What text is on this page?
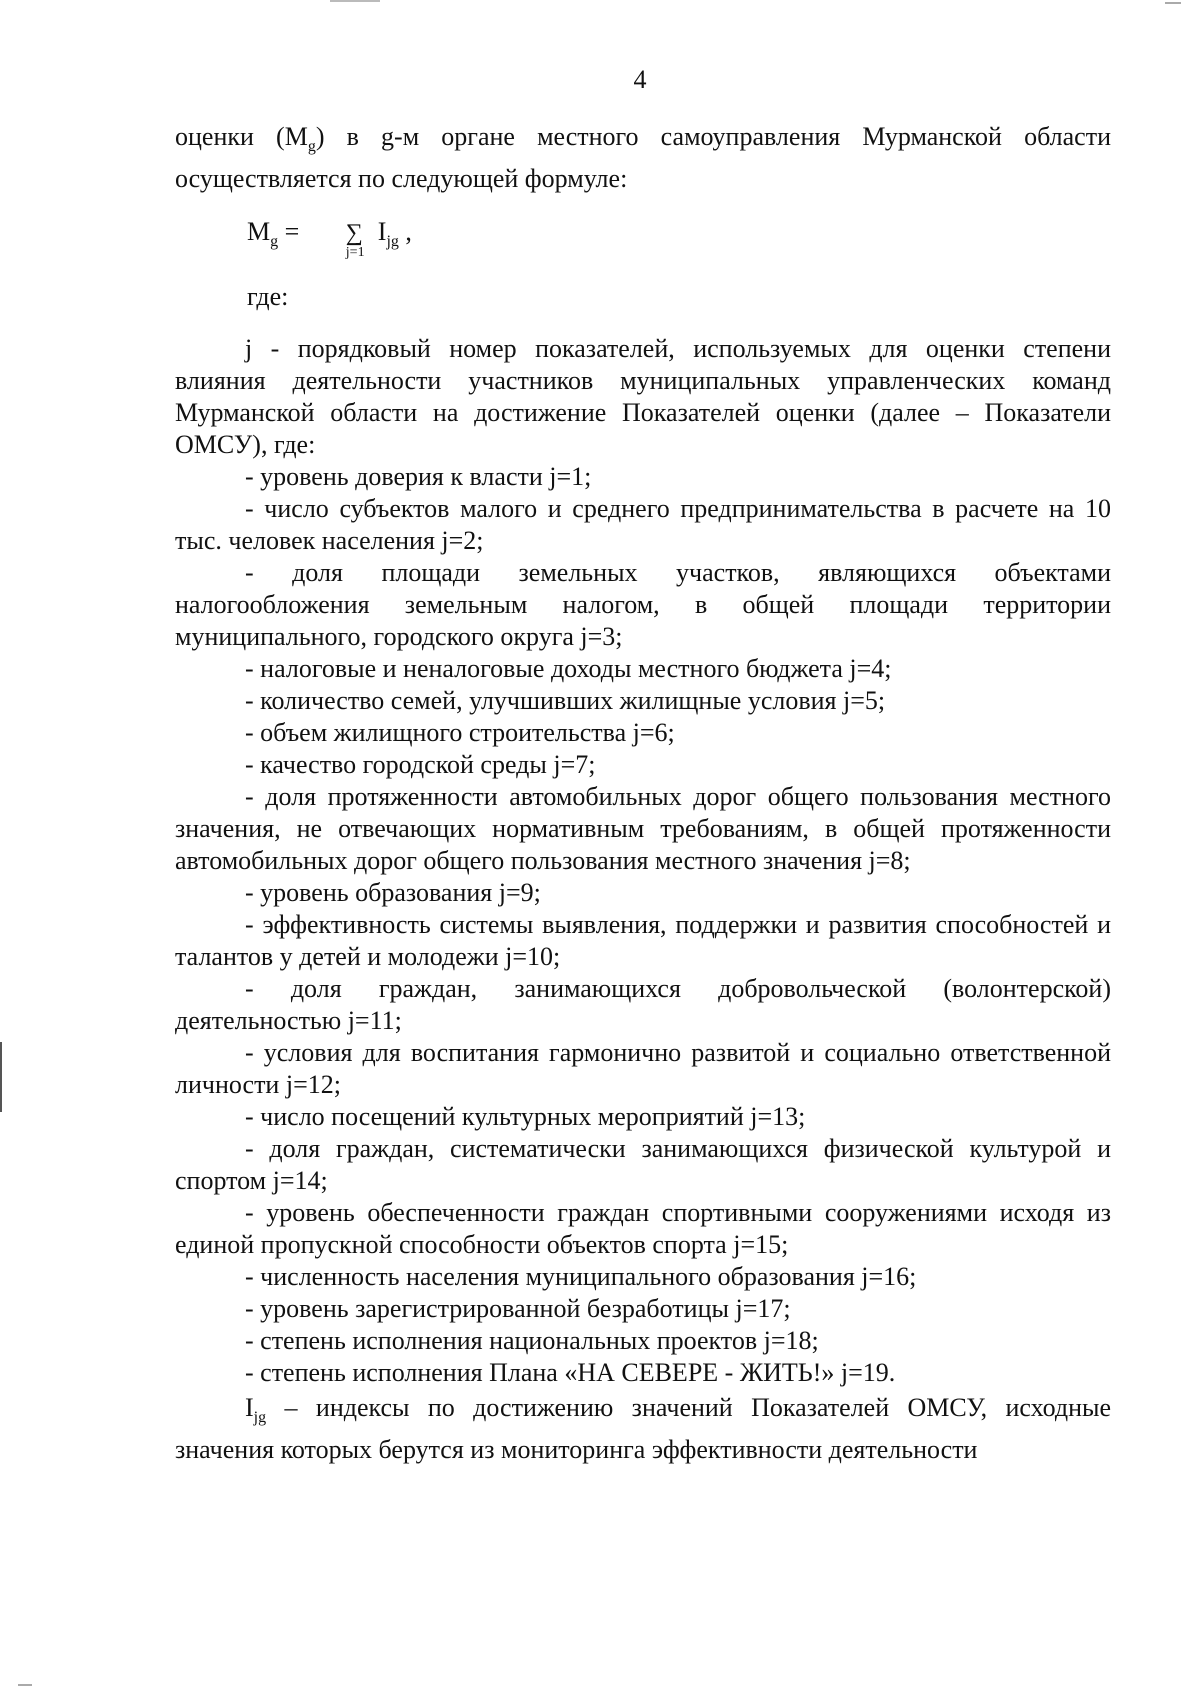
4

оценки $(M_g)$ в g-м органе местного самоуправления Мурманской области осуществляется по следующей формуле:

$M_g$ = ∑
j=1
$I_{jg}$ ,
где:

j - порядковый номер показателей, используемых для оценки степени влияния деятельности участников муниципальных управленческих команд Мурманской области на достижение Показателей оценки (далее – Показатели ОМСУ), где:

- уровень доверия к власти j=1;
- число субъектов малого и среднего предпринимательства в расчете на 10 тыс. человек населения j=2;
- доля площади земельных участков, являющихся объектами налогообложения земельным налогом, в общей площади территории муниципального, городского округа j=3;
- налоговые и неналоговые доходы местного бюджета j=4;
- количество семей, улучшивших жилищные условия j=5;
- объем жилищного строительства j=6;
- качество городской среды j=7;
- доля протяженности автомобильных дорог общего пользования местного значения, не отвечающих нормативным требованиям, в общей протяженности автомобильных дорог общего пользования местного значения j=8;
- уровень образования j=9;
- эффективность системы выявления, поддержки и развития способностей и талантов у детей и молодежи j=10;
- доля граждан, занимающихся добровольческой (волонтерской) деятельностью j=11;
- условия для воспитания гармонично развитой и социально ответственной личности j=12;
- число посещений культурных мероприятий j=13;
- доля граждан, систематически занимающихся физической культурой и спортом j=14;
- уровень обеспеченности граждан спортивными сооружениями исходя из единой пропускной способности объектов спорта j=15;
- численность населения муниципального образования j=16;
- уровень зарегистрированной безработицы j=17;
- степень исполнения национальных проектов j=18;
- степень исполнения Плана «НА СЕВЕРЕ - ЖИТЬ!» j=19.

$I_{jg}$ – индексы по достижению значений Показателей ОМСУ, исходные значения которых берутся из мониторинга эффективности деятельности
